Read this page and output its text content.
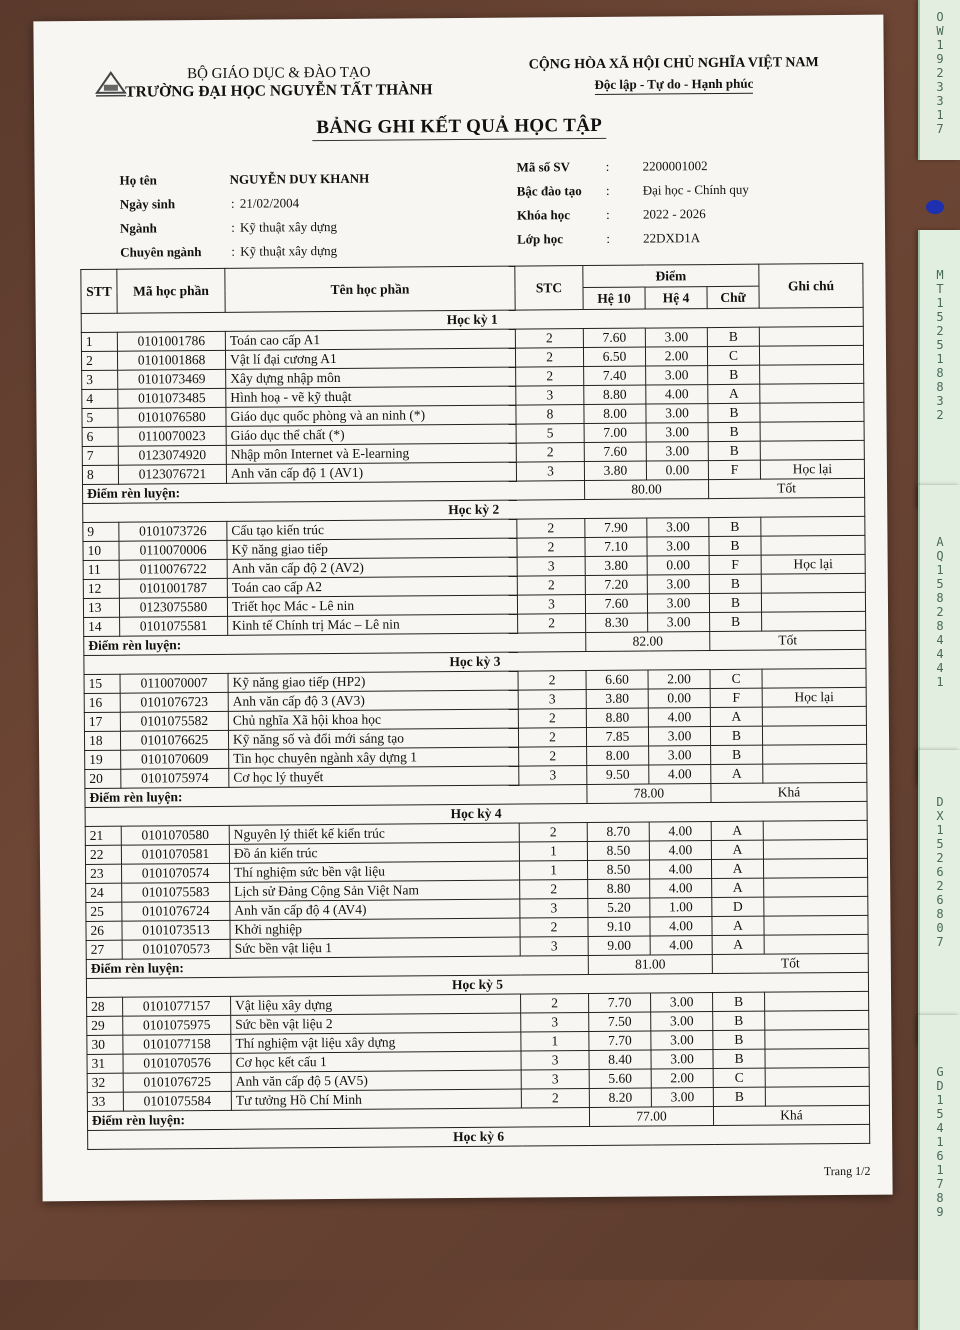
O
W
1
9
2
3
3
1
7
M
T
1
5
2
5
1
8
8
3
2
A
Q
1
5
8
2
8
4
4
4
1
D
X
1
5
2
6
2
6
8
0
7
G
D
1
5
4
1
6
1
7
8
9
BỘ GIÁO DỤC & ĐÀO TẠO
TRƯỜNG ĐẠI HỌC NGUYỄN TẤT THÀNH
CỘNG HÒA XÃ HỘI CHỦ NGHĨA VIỆT NAM
Độc lập - Tự do - Hạnh phúc
BẢNG GHI KẾT QUẢ HỌC TẬP
Họ tên	NGUYỄN DUY KHANH
Ngày sinh	: 21/02/2004
Ngành	: Kỹ thuật xây dựng
Chuyên ngành : Kỹ thuật xây dựng
Mã số SV	:	2200001002
Bậc đào tạo :	Đại học - Chính quy
Khóa học	:	2022 - 2026
Lớp học	:	22DXD1A
STT	Mã học phần	Tên học phần	STC	Điểm			Ghi chú
				Hệ 10	Hệ 4	Chữ	
Học kỳ 1							
1	0101001786	Toán cao cấp A1	2	7.60	3.00	B	
2	0101001868	Vật lí đại cương A1	2	6.50	2.00	C	
3	0101073469	Xây dựng nhập môn	2	7.40	3.00	B	
4	0101073485	Hình hoạ - vẽ kỹ thuật	3	8.80	4.00	A	
5	0101076580	Giáo dục quốc phòng và an ninh (*)	8	8.00	3.00	B	
6	0110070023	Giáo dục thể chất (*)	5	7.00	3.00	B	
7	0123074920	Nhập môn Internet và E-learning	2	7.60	3.00	B	
8	0123076721	Anh văn cấp độ 1 (AV1)	3	3.80	0.00	F	Học lại
Điểm rèn luyện:				80.00		Tốt	
Học kỳ 2							
9	0101073726	Cấu tạo kiến trúc	2	7.90	3.00	B	
10	0110070006	Kỹ năng giao tiếp	2	7.10	3.00	B	
11	0110076722	Anh văn cấp độ 2 (AV2)	3	3.80	0.00	F	Học lại
12	0101001787	Toán cao cấp A2	2	7.20	3.00	B	
13	0123075580	Triết học Mác - Lê nin	3	7.60	3.00	B	
14	0101075581	Kinh tế Chính trị Mác – Lê nin	2	8.30	3.00	B	
Điểm rèn luyện:				82.00		Tốt	
Học kỳ 3							
15	0110070007	Kỹ năng giao tiếp (HP2)	2	6.60	2.00	C	
16	0101076723	Anh văn cấp độ 3 (AV3)	3	3.80	0.00	F	Học lại
17	0101075582	Chủ nghĩa Xã hội khoa học	2	8.80	4.00	A	
18	0101076625	Kỹ năng số và đổi mới sáng tạo	2	7.85	3.00	B	
19	0101070609	Tin học chuyên ngành xây dựng 1	2	8.00	3.00	B	
20	0101075974	Cơ học lý thuyết	3	9.50	4.00	A	
Điểm rèn luyện:				78.00		Khá	
Học kỳ 4							
21	0101070580	Nguyên lý thiết kế kiến trúc	2	8.70	4.00	A	
22	0101070581	Đồ án kiến trúc	1	8.50	4.00	A	
23	0101070574	Thí nghiệm sức bền vật liệu	1	8.50	4.00	A	
24	0101075583	Lịch sử Đảng Cộng Sản Việt Nam	2	8.80	4.00	A	
25	0101076724	Anh văn cấp độ 4 (AV4)	3	5.20	1.00	D	
26	0101073513	Khởi nghiệp	2	9.10	4.00	A	
27	0101070573	Sức bền vật liệu 1	3	9.00	4.00	A	
Điểm rèn luyện:				81.00		Tốt	
Học kỳ 5							
28	0101077157	Vật liệu xây dựng	2	7.70	3.00	B	
29	0101075975	Sức bền vật liệu 2	3	7.50	3.00	B	
30	0101077158	Thí nghiệm vật liệu xây dựng	1	7.70	3.00	B	
31	0101070576	Cơ học kết cấu 1	3	8.40	3.00	B	
32	0101076725	Anh văn cấp độ 5 (AV5)	3	5.60	2.00	C	
33	0101075584	Tư tưởng Hồ Chí Minh	2	8.20	3.00	B	
Điểm rèn luyện:				77.00		Khá	
Học kỳ 6							
Trang 1/2
